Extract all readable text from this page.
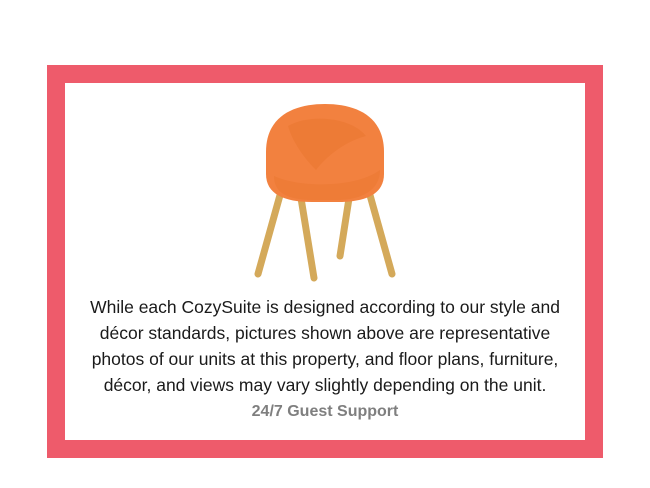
While each CozySuite is designed according to our style and décor standards, pictures shown above are representative photos of our units at this property, and floor plans, furniture, décor, and views may vary slightly depending on the unit.

24/7 Guest Support
